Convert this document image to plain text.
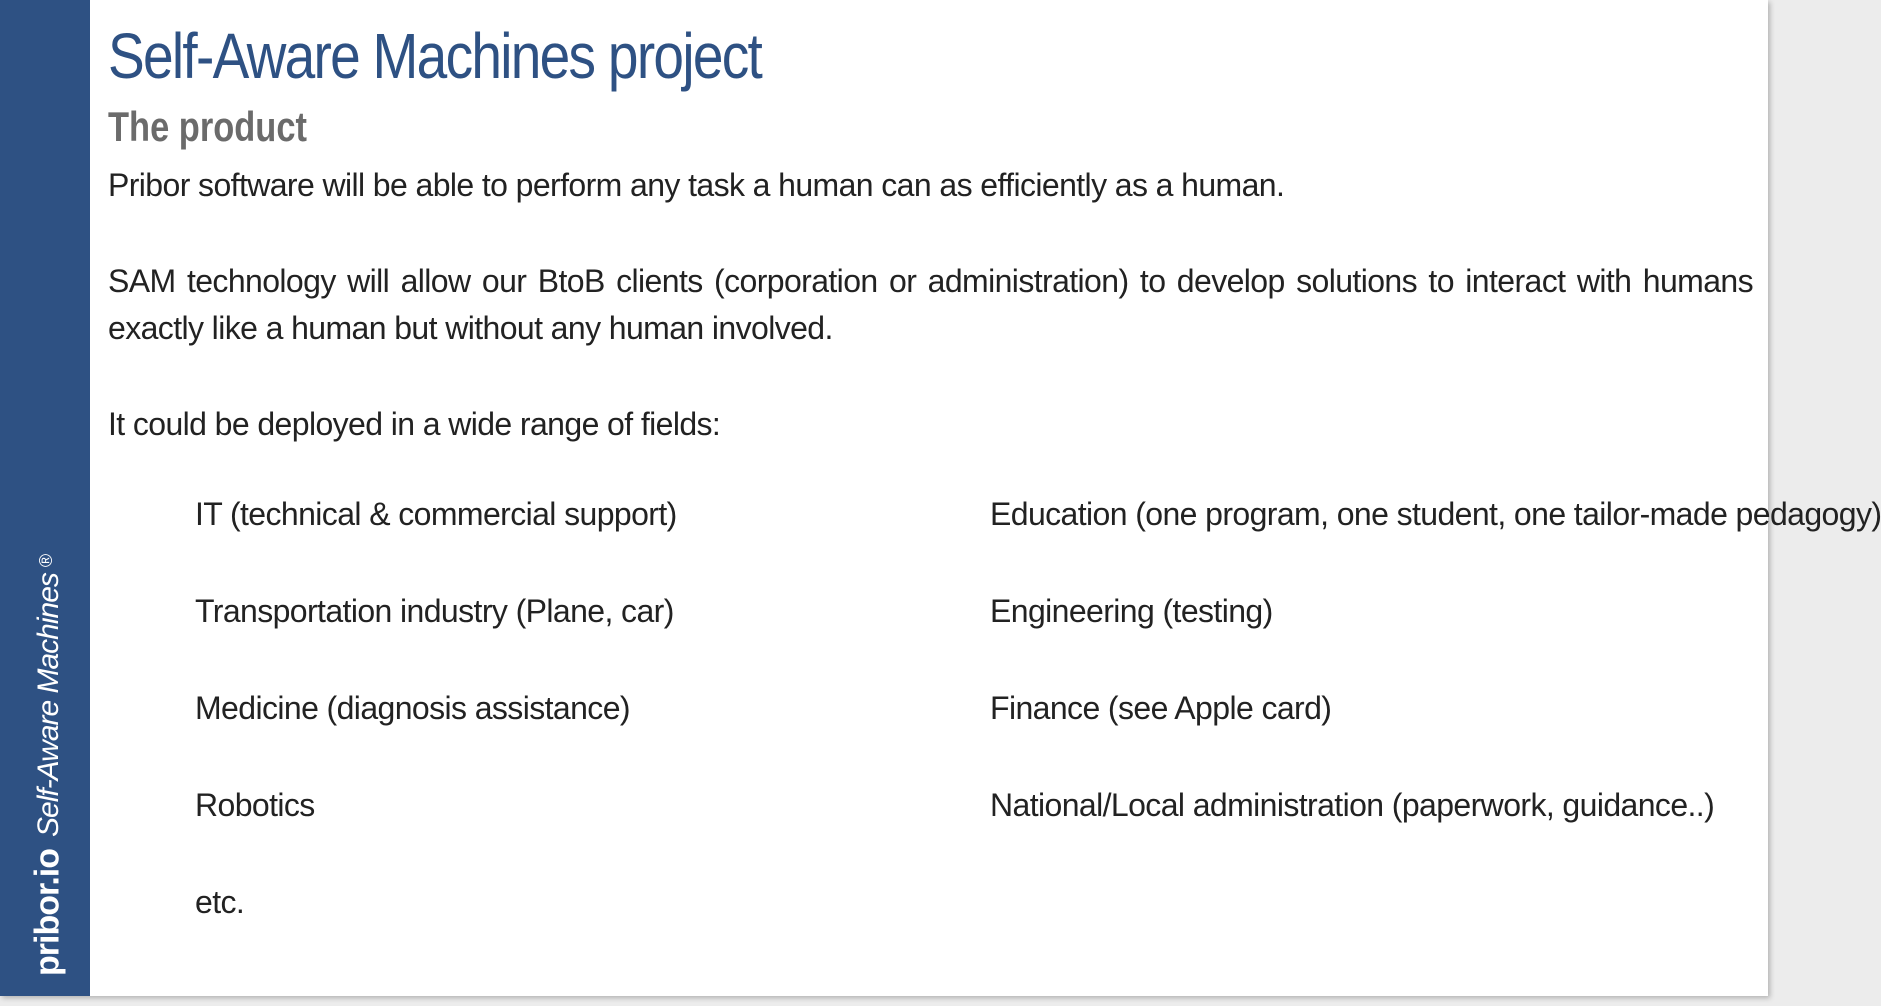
pribor.ioSelf-Aware Machines®
Self-Aware Machines project
The product

Pribor software will be able to perform any task a human can as efficiently as a human.

SAM technology will allow our BtoB clients (corporation or administration) to develop solutions to interact with humans exactly like a human but without any human involved.

It could be deployed in a wide range of fields:

IT (technical & commercial support)	Education (one program, one student, one tailor-made pedagogy)
Transportation industry (Plane, car)	Engineering (testing)
Medicine (diagnosis assistance)	Finance (see Apple card)
Robotics	National/Local administration (paperwork, guidance..)
etc.
